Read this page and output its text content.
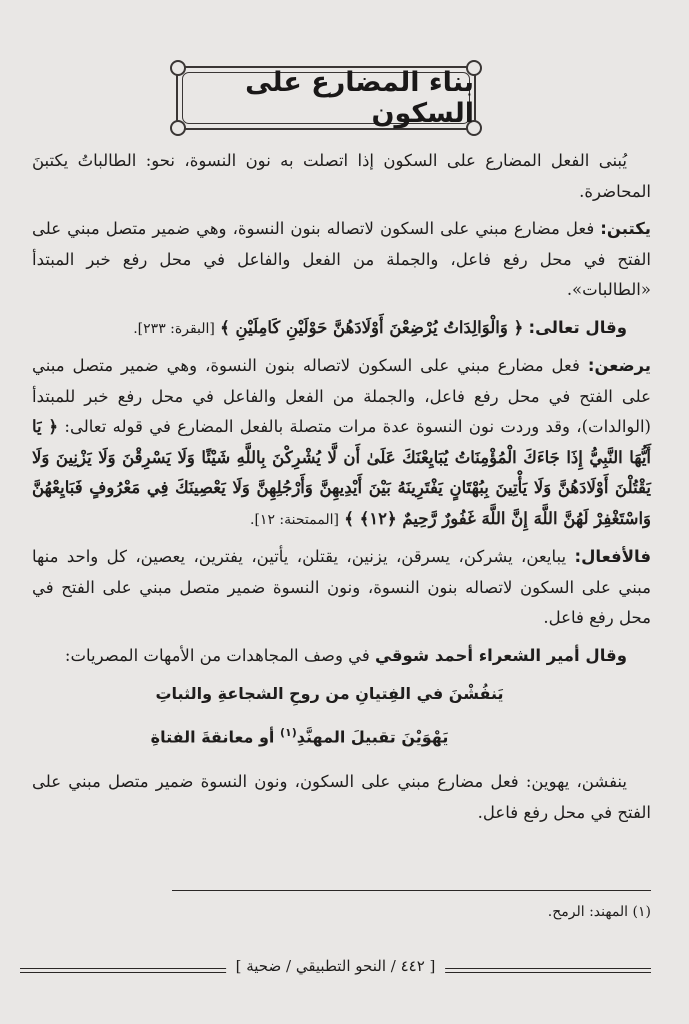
بناء المضارع على السكون

يُبنى الفعل المضارع على السكون إذا اتصلت به نون النسوة، نحو: الطالباتُ يكتبنَ المحاضرة.

يكتبن: فعل مضارع مبني على السكون لاتصاله بنون النسوة، وهي ضمير متصل مبني على الفتح في محل رفع فاعل، والجملة من الفعل والفاعل في محل رفع خبر المبتدأ «الطالبات».

وقال تعالى: ﴿ وَالْوَالِدَاتُ يُرْضِعْنَ أَوْلَادَهُنَّ حَوْلَيْنِ كَامِلَيْنِ ﴾ [البقرة: ٢٣٣].

يرضعن: فعل مضارع مبني على السكون لاتصاله بنون النسوة، وهي ضمير متصل مبني على الفتح في محل رفع فاعل، والجملة من الفعل والفاعل في محل رفع خبر للمبتدأ (الوالدات)، وقد وردت نون النسوة عدة مرات متصلة بالفعل المضارع في قوله تعالى: ﴿ يَا أَيُّهَا النَّبِيُّ إِذَا جَاءَكَ الْمُؤْمِنَاتُ يُبَايِعْنَكَ عَلَىٰ أَن لَّا يُشْرِكْنَ بِاللَّهِ شَيْئًا وَلَا يَسْرِقْنَ وَلَا يَزْنِينَ وَلَا يَقْتُلْنَ أَوْلَادَهُنَّ وَلَا يَأْتِينَ بِبُهْتَانٍ يَفْتَرِينَهُ بَيْنَ أَيْدِيهِنَّ وَأَرْجُلِهِنَّ وَلَا يَعْصِينَكَ فِي مَعْرُوفٍ فَبَايِعْهُنَّ وَاسْتَغْفِرْ لَهُنَّ اللَّهَ إِنَّ اللَّهَ غَفُورٌ رَّحِيمٌ ﴿١٢﴾ ﴾ [الممتحنة: ١٢].

فالأفعال: يبايعن، يشركن، يسرقن، يزنين، يقتلن، يأتين، يفترين، يعصين، كل واحد منها مبني على السكون لاتصاله بنون النسوة، ونون النسوة ضمير متصل مبني على الفتح في محل رفع فاعل.

وقال أمير الشعراء أحمد شوقي في وصف المجاهدات من الأمهات المصريات:

يَنفُشْنَ في الفِتيانِ من روحِ الشجاعةِ والثباتِ

يَهْوَيْنَ تقبيلَ المهنَّدِ$^{(١)}$ أو معانقةَ الفتاةِ

ينفشن، يهوين: فعل مضارع مبني على السكون، ونون النسوة ضمير متصل مبني على الفتح في محل رفع فاعل.

(١) المهند: الرمح.
[ ٤٤٢ / النحو التطبيقي / ضحية ]
